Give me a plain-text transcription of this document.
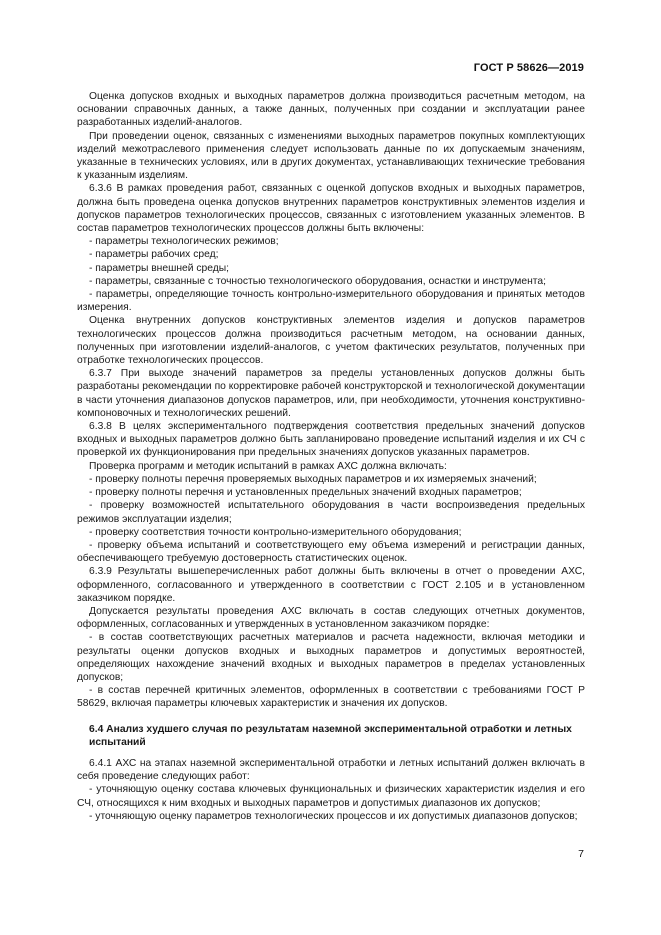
ГОСТ Р 58626—2019

Оценка допусков входных и выходных параметров должна производиться расчетным методом, на основании справочных данных, а также данных, полученных при создании и эксплуатации ранее разработанных изделий-аналогов.

При проведении оценок, связанных с изменениями выходных параметров покупных комплектующих изделий межотраслевого применения следует использовать данные по их допускаемым значениям, указанные в технических условиях, или в других документах, устанавливающих технические требования к указанным изделиям.

6.3.6 В рамках проведения работ, связанных с оценкой допусков входных и выходных параметров, должна быть проведена оценка допусков внутренних параметров конструктивных элементов изделия и допусков параметров технологических процессов, связанных с изготовлением указанных элементов. В состав параметров технологических процессов должны быть включены:

- параметры технологических режимов;

- параметры рабочих сред;

- параметры внешней среды;

- параметры, связанные с точностью технологического оборудования, оснастки и инструмента;

- параметры, определяющие точность контрольно-измерительного оборудования и принятых методов измерения.

Оценка внутренних допусков конструктивных элементов изделия и допусков параметров технологических процессов должна производиться расчетным методом, на основании данных, полученных при изготовлении изделий-аналогов, с учетом фактических результатов, полученных при отработке технологических процессов.

6.3.7 При выходе значений параметров за пределы установленных допусков должны быть разработаны рекомендации по корректировке рабочей конструкторской и технологической документации в части уточнения диапазонов допусков параметров, или, при необходимости, уточнения конструктивно-компоновочных и технологических решений.

6.3.8 В целях экспериментального подтверждения соответствия предельных значений допусков входных и выходных параметров должно быть запланировано проведение испытаний изделия и их СЧ с проверкой их функционирования при предельных значениях допусков указанных параметров.

Проверка программ и методик испытаний в рамках АХС должна включать:

- проверку полноты перечня проверяемых выходных параметров и их измеряемых значений;

- проверку полноты перечня и установленных предельных значений входных параметров;

- проверку возможностей испытательного оборудования в части воспроизведения предельных режимов эксплуатации изделия;

- проверку соответствия точности контрольно-измерительного оборудования;

- проверку объема испытаний и соответствующего ему объема измерений и регистрации данных, обеспечивающего требуемую достоверность статистических оценок.

6.3.9 Результаты вышеперечисленных работ должны быть включены в отчет о проведении АХС, оформленного, согласованного и утвержденного в соответствии с ГОСТ 2.105 и в установленном заказчиком порядке.

Допускается результаты проведения АХС включать в состав следующих отчетных документов, оформленных, согласованных и утвержденных в установленном заказчиком порядке:

- в состав соответствующих расчетных материалов и расчета надежности, включая методики и результаты оценки допусков входных и выходных параметров и допустимых вероятностей, определяющих нахождение значений входных и выходных параметров в пределах установленных допусков;

- в состав перечней критичных элементов, оформленных в соответствии с требованиями ГОСТ Р 58629, включая параметры ключевых характеристик и значения их допусков.

6.4 Анализ худшего случая по результатам наземной экспериментальной отработки и летных испытаний

6.4.1 АХС на этапах наземной экспериментальной отработки и летных испытаний должен включать в себя проведение следующих работ:

- уточняющую оценку состава ключевых функциональных и физических характеристик изделия и его СЧ, относящихся к ним входных и выходных параметров и допустимых диапазонов их допусков;

- уточняющую оценку параметров технологических процессов и их допустимых диапазонов допусков;

7
